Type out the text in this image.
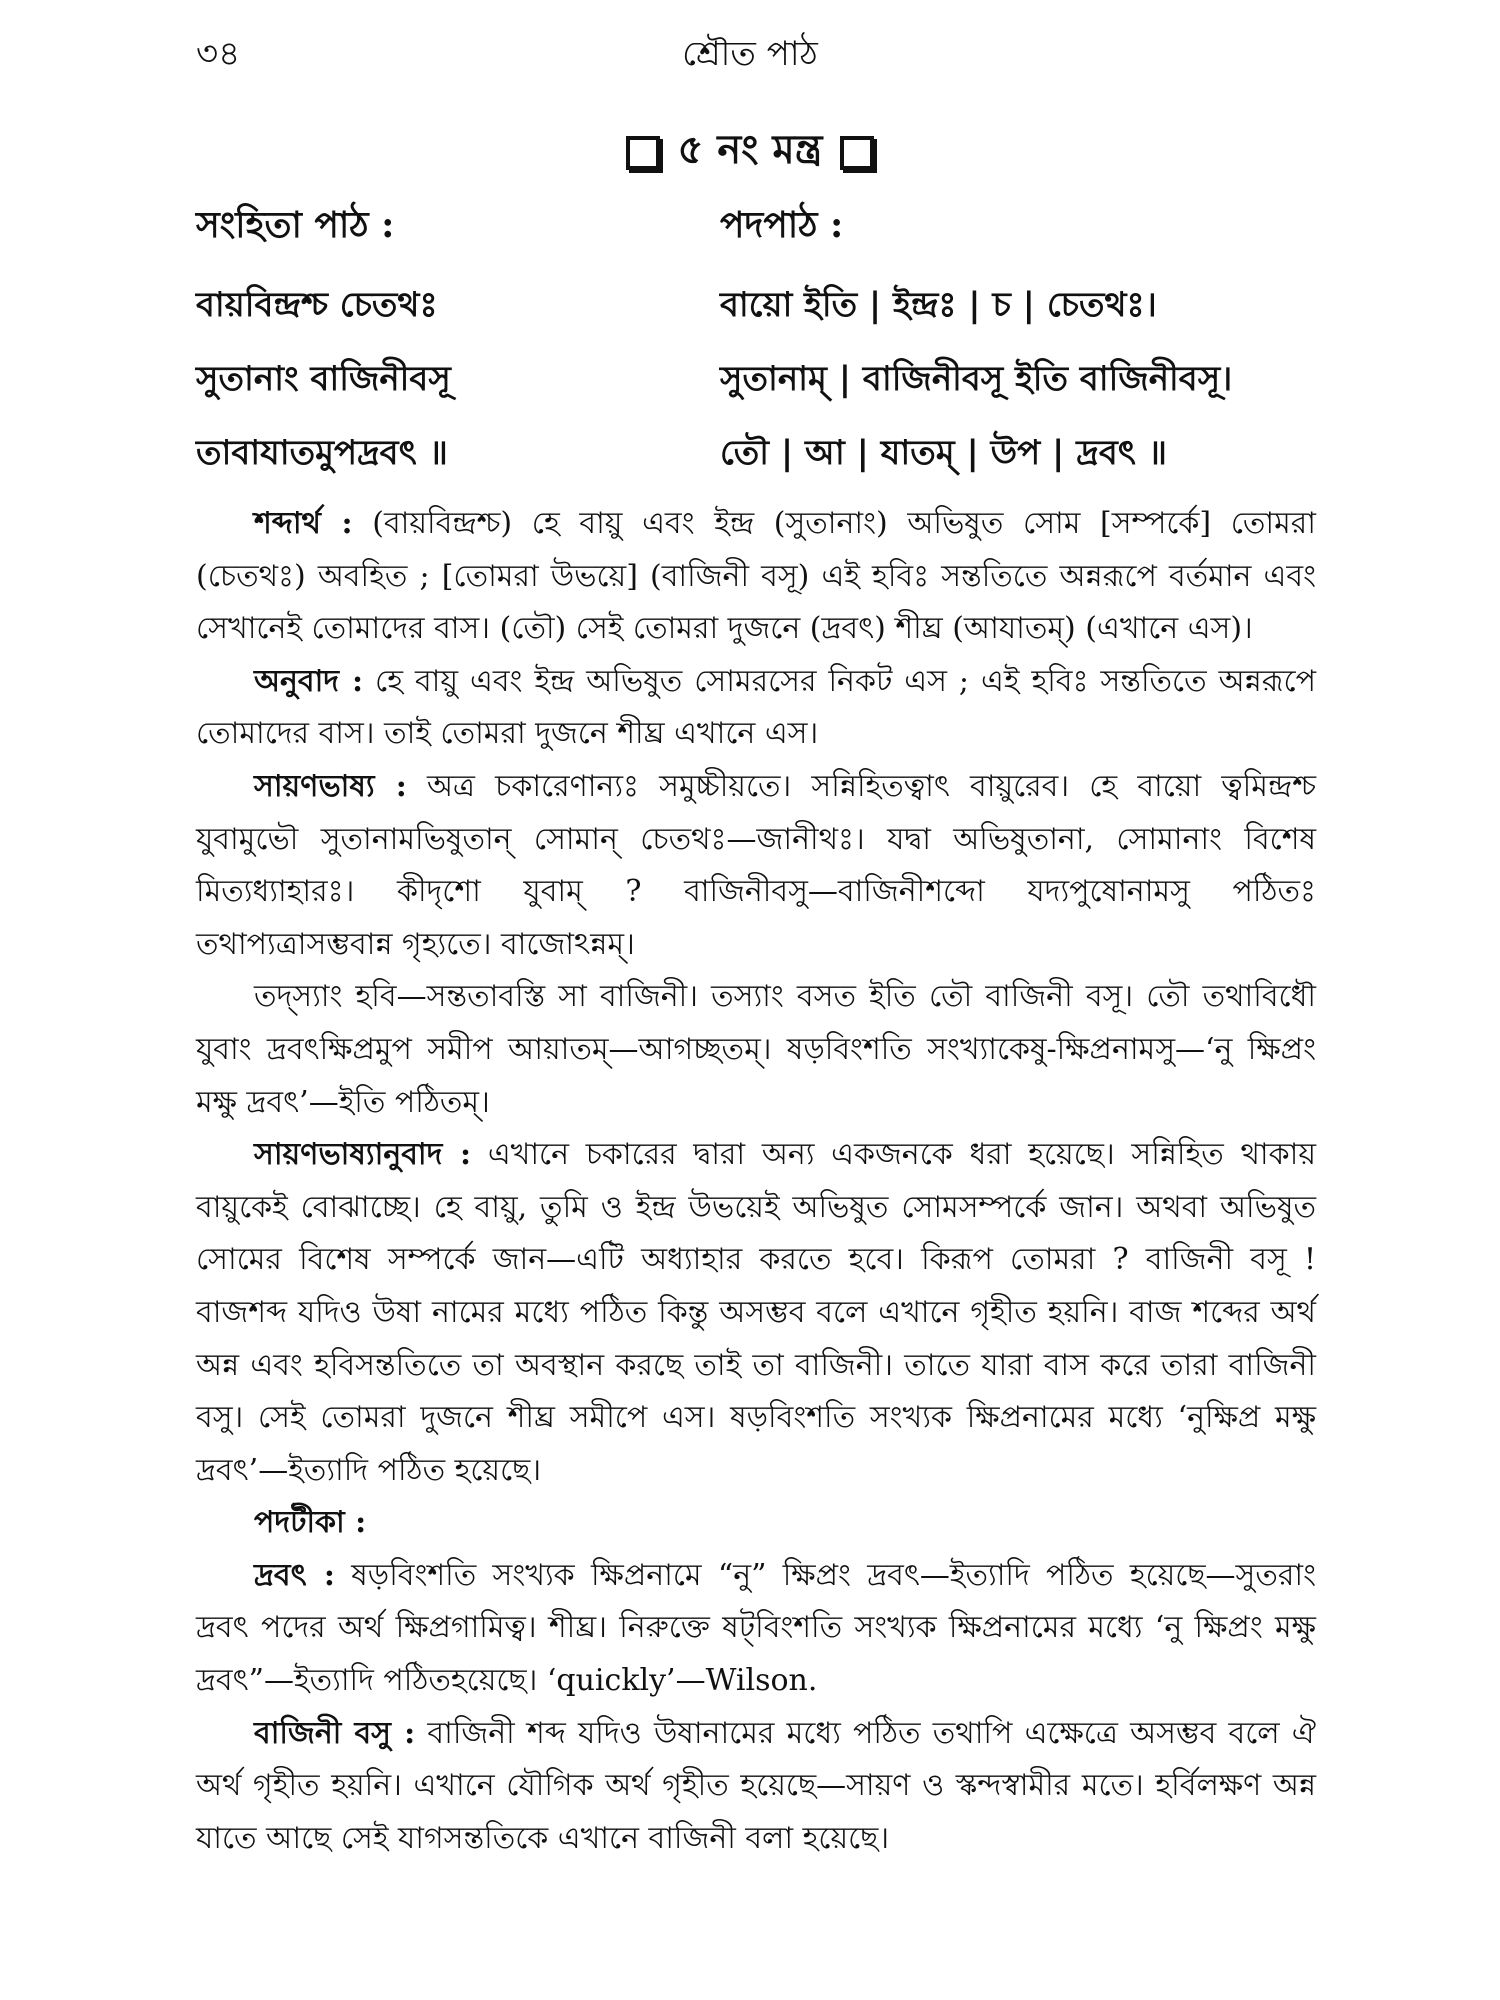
৩৪	শ্রৌত পাঠ
৫ নং মন্ত্র
সংহিতা পাঠ :
বায়বিন্দ্রশ্চ চেতথঃ
সুতানাং বাজিনীবসূ
তাবাযাতমুপদ্রবৎ ॥
পদপাঠ :
বায়ো ইতি | ইন্দ্রঃ | চ | চেতথঃ।
সুতানাম্ | বাজিনীবসূ ইতি বাজিনীবসূ।
তৌ | আ | যাতম্ | উপ | দ্রবৎ ॥

শব্দার্থ : (বায়বিন্দ্রশ্চ) হে বায়ু এবং ইন্দ্র (সুতানাং) অভিষুত সোম [সম্পর্কে] তোমরা (চেতথঃ) অবহিত ; [তোমরা উভয়ে] (বাজিনী বসূ) এই হবিঃ সন্ততিতে অন্নরূপে বর্তমান এবং সেখানেই তোমাদের বাস। (তৌ) সেই তোমরা দুজনে (দ্রবৎ) শীঘ্র (আযাতম্) (এখানে এস)।

অনুবাদ : হে বায়ু এবং ইন্দ্র অভিষুত সোমরসের নিকট এস ; এই হবিঃ সন্ততিতে অন্নরূপে তোমাদের বাস। তাই তোমরা দুজনে শীঘ্র এখানে এস।

সায়ণভাষ্য : অত্র চকারেণান্যঃ সমুচ্চীয়তে। সন্নিহিতত্বাৎ বায়ুরেব। হে বায়ো ত্বমিন্দ্রশ্চ যুবামুভৌ সুতানামভিষুতান্ সোমান্ চেতথঃ—জানীথঃ। যদ্বা অভিষুতানা, সোমানাং বিশেষ মিত্যধ্যাহারঃ। কীদৃশো যুবাম্ ? বাজিনীবসু—বাজিনীশব্দো যদ্যপুষোনামসু পঠিতঃ তথাপ্যত্রাসম্ভবান্ন গৃহ্যতে। বাজোঽন্নম্।

তদ্‌স্যাং হবি—সন্ততাবস্তি সা বাজিনী। তস্যাং বসত ইতি তৌ বাজিনী বসূ। তৌ তথাবিধৌ যুবাং দ্রবৎক্ষিপ্রমুপ সমীপ আয়াতম্—আগচ্ছতম্। ষড়বিংশতি সংখ্যাকেষু-ক্ষিপ্রনামসু—‘নু ক্ষিপ্রং মক্ষু দ্রবৎ’—ইতি পঠিতম্।

সায়ণভাষ্যানুবাদ : এখানে চকারের দ্বারা অন্য একজনকে ধরা হয়েছে। সন্নিহিত থাকায় বায়ুকেই বোঝাচ্ছে। হে বায়ু, তুমি ও ইন্দ্র উভয়েই অভিষুত সোমসম্পর্কে জান। অথবা অভিষুত সোমের বিশেষ সম্পর্কে জান—এটি অধ্যাহার করতে হবে। কিরূপ তোমরা ? বাজিনী বসূ ! বাজশব্দ যদিও উষা নামের মধ্যে পঠিত কিন্তু অসম্ভব বলে এখানে গৃহীত হয়নি। বাজ শব্দের অর্থ অন্ন এবং হবিসন্ততিতে তা অবস্থান করছে তাই তা বাজিনী। তাতে যারা বাস করে তারা বাজিনী বসু। সেই তোমরা দুজনে শীঘ্র সমীপে এস। ষড়বিংশতি সংখ্যক ক্ষিপ্রনামের মধ্যে ‘নুক্ষিপ্র মক্ষু দ্রবৎ’—ইত্যাদি পঠিত হয়েছে।

পদটীকা :

দ্রবৎ : ষড়বিংশতি সংখ্যক ক্ষিপ্রনামে “নু” ক্ষিপ্রং দ্রবৎ—ইত্যাদি পঠিত হয়েছে—সুতরাং দ্রবৎ পদের অর্থ ক্ষিপ্রগামিত্ব। শীঘ্র। নিরুক্তে ষট্‌বিংশতি সংখ্যক ক্ষিপ্রনামের মধ্যে ‘নু ক্ষিপ্রং মক্ষু দ্রবৎ”—ইত্যাদি পঠিতহয়েছে। ‘quickly’—Wilson.

বাজিনী বসু : বাজিনী শব্দ যদিও উষানামের মধ্যে পঠিত তথাপি এক্ষেত্রে অসম্ভব বলে ঐ অর্থ গৃহীত হয়নি। এখানে যৌগিক অর্থ গৃহীত হয়েছে—সায়ণ ও স্কন্দস্বামীর মতে। হর্বিলক্ষণ অন্ন যাতে আছে সেই যাগসন্ততিকে এখানে বাজিনী বলা হয়েছে।
